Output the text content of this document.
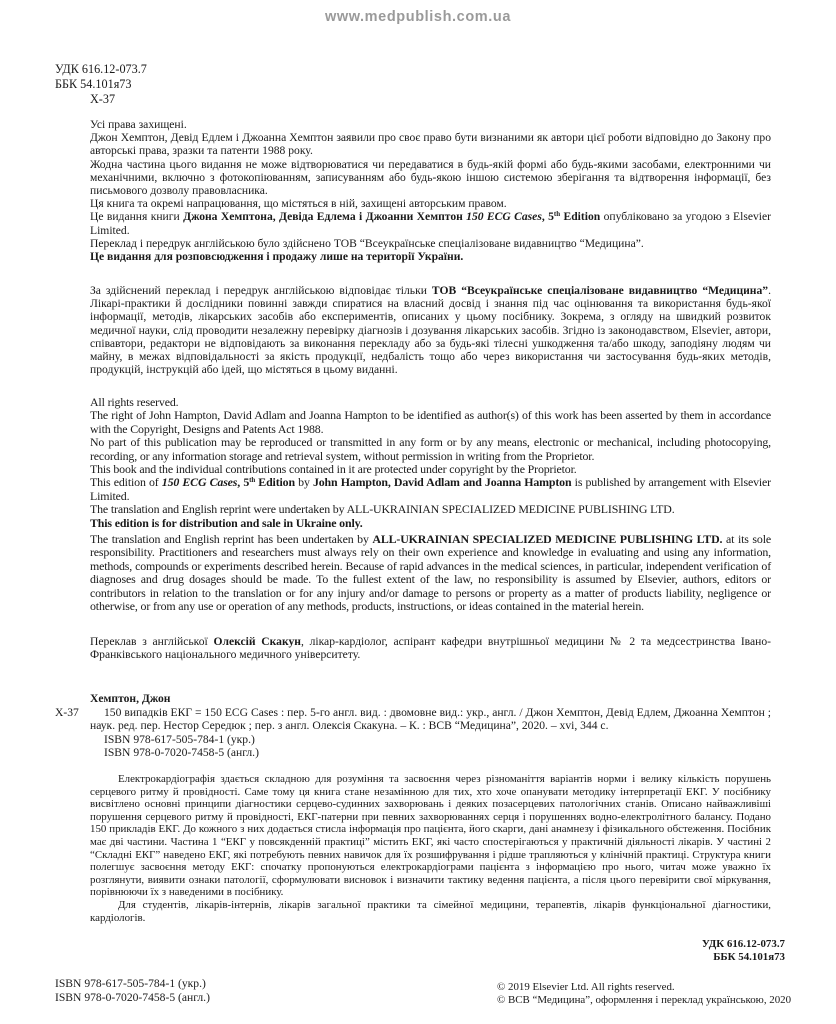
www.medpublish.com.ua
УДК 616.12-073.7
ББК 54.101я73
Х-37

Усі права захищені.

Джон Хемптон, Девід Едлем і Джоанна Хемптон заявили про своє право бути визнаними як автори цієї роботи відповідно до Закону про авторські права, зразки та патенти 1988 року.

Жодна частина цього видання не може відтворюватися чи передаватися в будь-якій формі або будь-якими засобами, електронними чи механічними, включно з фотокопіюванням, записуванням або будь-якою іншою системою зберігання та відтворення інформації, без письмового дозволу правовласника.

Ця книга та окремі напрацювання, що містяться в ній, захищені авторським правом.

Це видання книги Джона Хемптона, Девіда Едлема і Джоанни Хемптон 150 ECG Cases, 5th Edition опубліковано за угодою з Elsevier Limited.

Переклад і передрук англійською було здійснено ТОВ “Всеукраїнське спеціалізоване видавництво “Медицина”.

Це видання для розповсюдження і продажу лише на території України.

За здійснений переклад і передрук англійською відповідає тільки ТОВ “Всеукраїнське спеціалізоване видавництво “Медицина”. Лікарі-практики й дослідники повинні завжди спиратися на власний досвід і знання під час оцінювання та використання будь-якої інформації, методів, лікарських засобів або експериментів, описаних у цьому посібнику. Зокрема, з огляду на швидкий розвиток медичної науки, слід проводити незалежну перевірку діагнозів і дозування лікарських засобів. Згідно із законодавством, Elsevier, автори, співавтори, редактори не відповідають за виконання перекладу або за будь-які тілесні ушкодження та/або шкоду, заподіяну людям чи майну, в межах відповідальності за якість продукції, недбалість тощо або через використання чи застосування будь-яких методів, продукцій, інструкцій або ідей, що містяться в цьому виданні.

All rights reserved.

The right of John Hampton, David Adlam and Joanna Hampton to be identified as author(s) of this work has been asserted by them in accordance with the Copyright, Designs and Patents Act 1988.

No part of this publication may be reproduced or transmitted in any form or by any means, electronic or mechanical, including photocopying, recording, or any information storage and retrieval system, without permission in writing from the Proprietor.

This book and the individual contributions contained in it are protected under copyright by the Proprietor.

This edition of 150 ECG Cases, 5th Edition by John Hampton, David Adlam and Joanna Hampton is published by arrangement with Elsevier Limited.

The translation and English reprint were undertaken by ALL-UKRAINIAN SPECIALIZED MEDICINE PUBLISHING LTD.

This edition is for distribution and sale in Ukraine only.

The translation and English reprint has been undertaken by ALL-UKRAINIAN SPECIALIZED MEDICINE PUBLISHING LTD. at its sole responsibility. Practitioners and researchers must always rely on their own experience and knowledge in evaluating and using any information, methods, compounds or experiments described herein. Because of rapid advances in the medical sciences, in particular, independent verification of diagnoses and drug dosages should be made. To the fullest extent of the law, no responsibility is assumed by Elsevier, authors, editors or contributors in relation to the translation or for any injury and/or damage to persons or property as a matter of products liability, negligence or otherwise, or from any use or operation of any methods, products, instructions, or ideas contained in the material herein.

Переклав з англійської Олексій Скакун, лікар-кардіолог, аспірант кафедри внутрішньої медицини № 2 та медсестринства Івано-Франківського національного медичного університету.

Х-37
Хемптон, Джон
150 випадків ЕКГ = 150 ECG Cases : пер. 5-го англ. вид. : двомовне вид.: укр., англ. / Джон Хемптон, Девід Едлем, Джоанна Хемптон ; наук. ред. пер. Нестор Середюк ; пер. з англ. Олексія Скакуна. – К. : ВСВ “Медицина”, 2020. – xvi, 344 с.
ISBN 978-617-505-784-1 (укр.)
ISBN 978-0-7020-7458-5 (англ.)

Електрокардіографія здається складною для розуміння та засвоєння через різноманіття варіантів норми і велику кількість порушень серцевого ритму й провідності. Саме тому ця книга стане незамінною для тих, хто хоче опанувати методику інтерпретації ЕКГ. У посібнику висвітлено основні принципи діагностики серцево-судинних захворювань і деяких позасерцевих патологічних станів. Описано найважливіші порушення серцевого ритму й провідності, ЕКГ-патерни при певних захворюваннях серця і порушеннях водно-електролітного балансу. Подано 150 прикладів ЕКГ. До кожного з них додається стисла інформація про пацієнта, його скарги, дані анамнезу і фізикального обстеження. Посібник має дві частини. Частина 1 “ЕКГ у повсякденній практиці” містить ЕКГ, які часто спостерігаються у практичній діяльності лікарів. У частині 2 “Складні ЕКГ” наведено ЕКГ, які потребують певних навичок для їх розшифрування і рідше трапляються у клінічній практиці. Структура книги полегшує засвоєння методу ЕКГ: спочатку пропонуються електрокардіограми пацієнта з інформацією про нього, читач може уважно їх розглянути, виявити ознаки патології, сформулювати висновок і визначити тактику ведення пацієнта, а після цього перевірити свої міркування, порівнюючи їх з наведеними в посібнику.

Для студентів, лікарів-інтернів, лікарів загальної практики та сімейної медицини, терапевтів, лікарів функціональної діагностики, кардіологів.

УДК 616.12-073.7
ББК 54.101я73
ISBN 978-617-505-784-1 (укр.)
ISBN 978-0-7020-7458-5 (англ.)
© 2019 Elsevier Ltd. All rights reserved.
© ВСВ “Медицина”, оформлення і переклад українською, 2020
